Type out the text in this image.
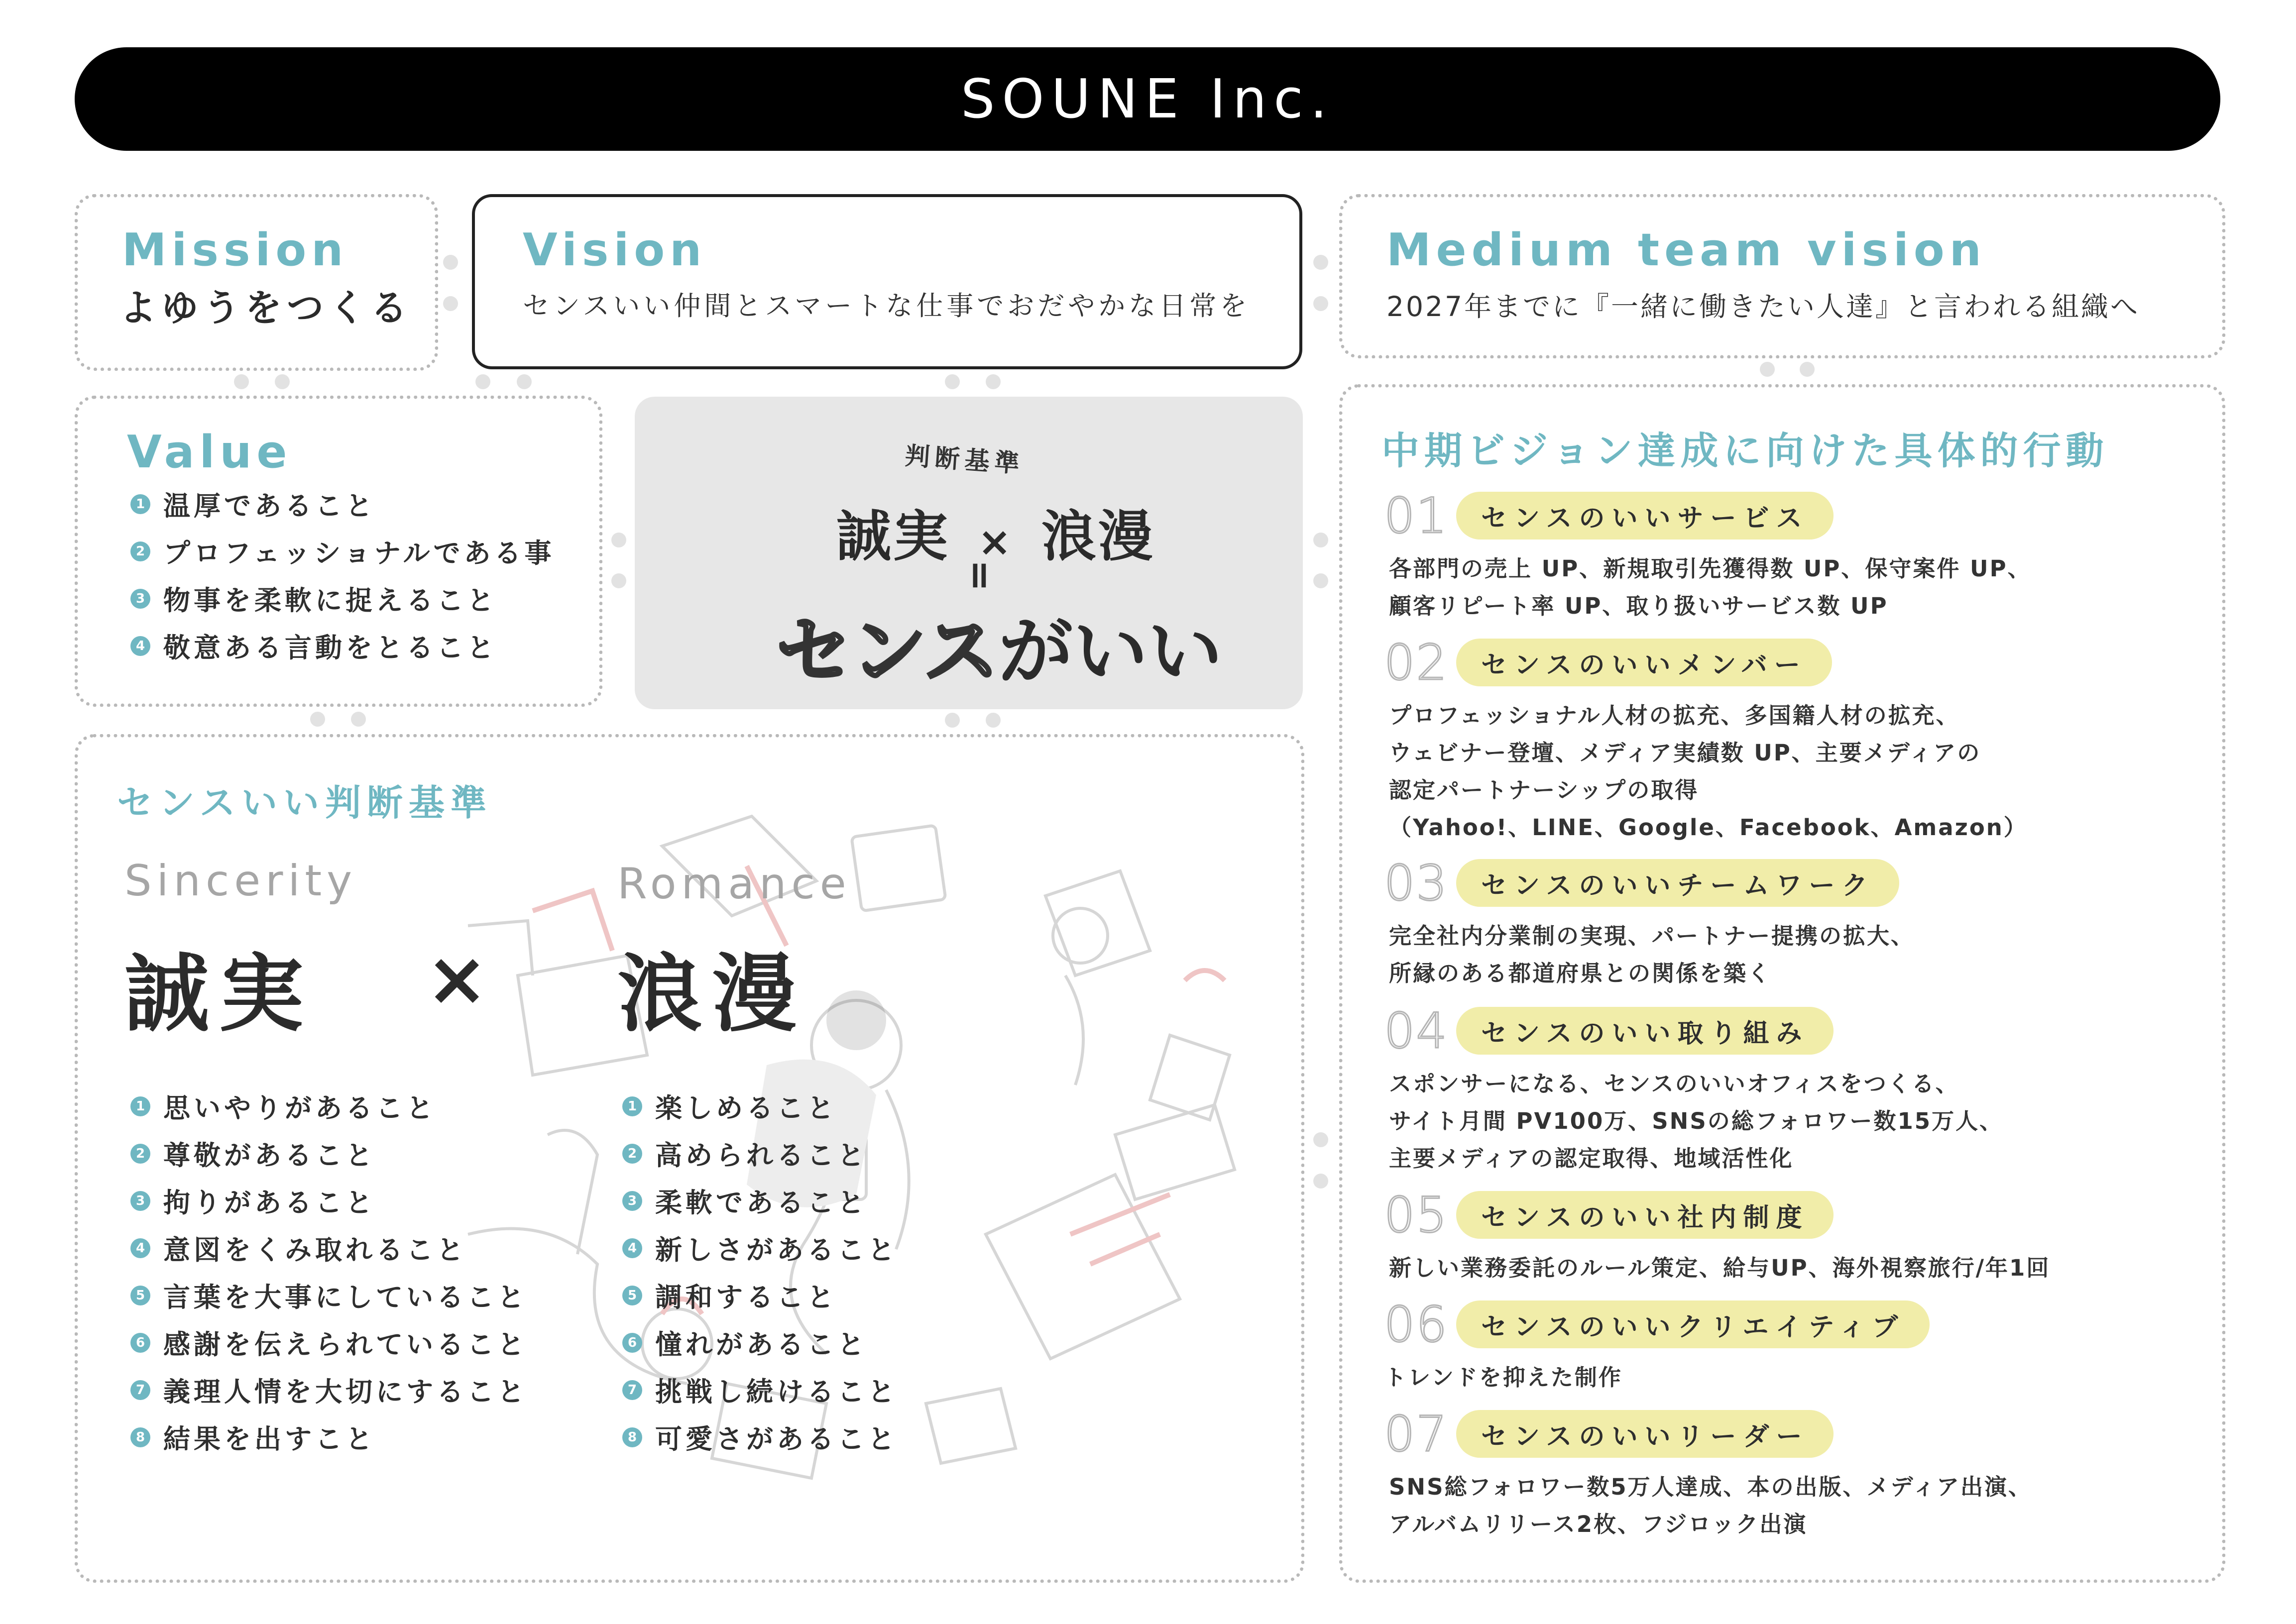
SOUNE Inc.
Mission
よゆうをつくる
Vision
センスいい仲間とスマートな仕事でおだやかな日常を
Medium team vision
2027年までに『一緒に働きたい人達』と言われる組織へ
Value
1 温厚であること
2 プロフェッショナルである事
3 物事を柔軟に捉えること
4 敬意ある言動をとること
判断基準
誠実 × 浪漫
=
センスがいい
センスいい判断基準
Sincerity
誠実 ×
1 思いやりがあること
2 尊敬があること
3 拘りがあること
4 意図をくみ取れること
5 言葉を大事にしていること
6 感謝を伝えられていること
7 義理人情を大切にすること
8 結果を出すこと
Romance
浪漫
1 楽しめること
2 高められること
3 柔軟であること
4 新しさがあること
5 調和すること
6 憧れがあること
7 挑戦し続けること
8 可愛さがあること
中期ビジョン達成に向けた具体的行動
01	センスのいいサービス
各部門の売上 UP、新規取引先獲得数 UP、保守案件 UP、
顧客リピート率 UP、取り扱いサービス数 UP
02	センスのいいメンバー
プロフェッショナル人材の拡充、多国籍人材の拡充、
ウェビナー登壇、メディア実績数 UP、主要メディアの
認定パートナーシップの取得
（Yahoo!、LINE、Google、Facebook、Amazon）
03	センスのいいチームワーク
完全社内分業制の実現、パートナー提携の拡大、
所縁のある都道府県との関係を築く
04	センスのいい取り組み
スポンサーになる、センスのいいオフィスをつくる、
サイト月間 PV100万、SNSの総フォロワー数15万人、
主要メディアの認定取得、地域活性化
05	センスのいい社内制度
新しい業務委託のルール策定、給与UP、海外視察旅行/年1回
06	センスのいいクリエイティブ
トレンドを抑えた制作
07	センスのいいリーダー
SNS総フォロワー数5万人達成、本の出版、メディア出演、
アルバムリリース2枚、フジロック出演
